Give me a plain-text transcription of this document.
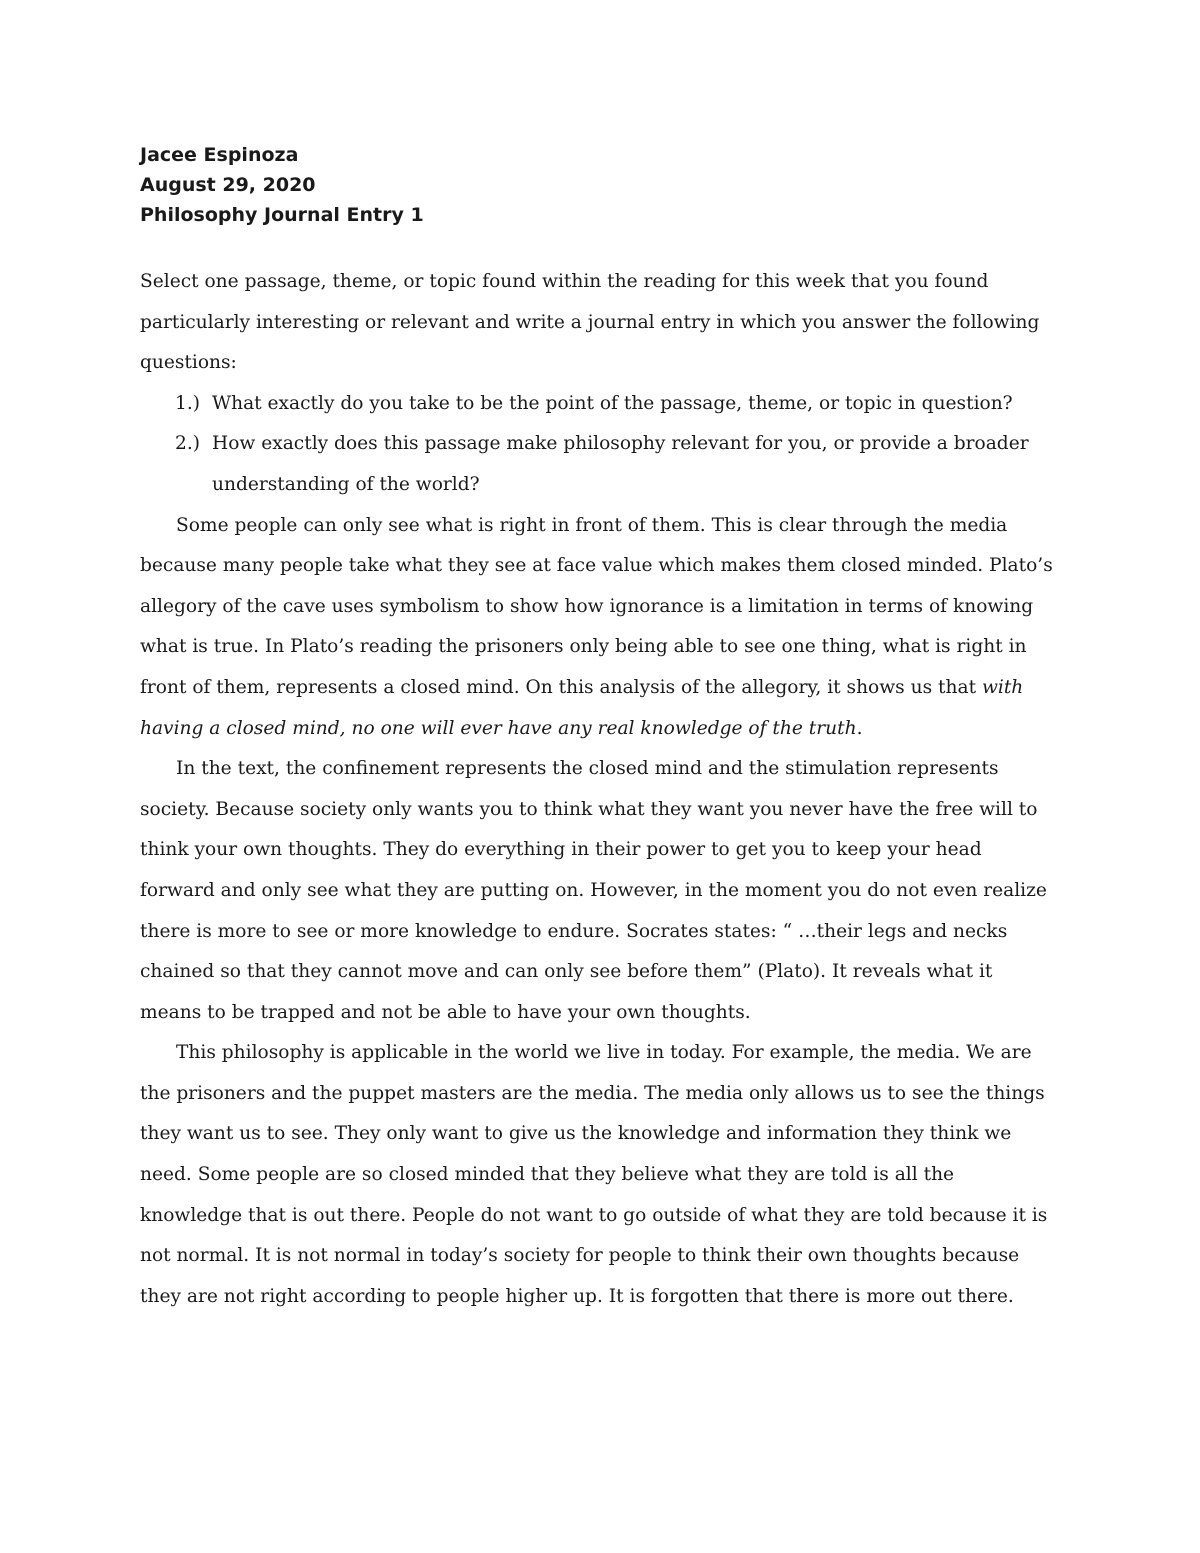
Jacee Espinoza
August 29, 2020
Philosophy Journal Entry 1

Select one passage, theme, or topic found within the reading for this week that you found particularly interesting or relevant and write a journal entry in which you answer the following questions:

1.) What exactly do you take to be the point of the passage, theme, or topic in question?
2.) How exactly does this passage make philosophy relevant for you, or provide a broader understanding of the world?

Some people can only see what is right in front of them. This is clear through the media because many people take what they see at face value which makes them closed minded. Plato’s allegory of the cave uses symbolism to show how ignorance is a limitation in terms of knowing what is true. In Plato’s reading the prisoners only being able to see one thing, what is right in front of them, represents a closed mind. On this analysis of the allegory, it shows us that with having a closed mind, no one will ever have any real knowledge of the truth.

In the text, the confinement represents the closed mind and the stimulation represents society. Because society only wants you to think what they want you never have the free will to think your own thoughts. They do everything in their power to get you to keep your head forward and only see what they are putting on. However, in the moment you do not even realize there is more to see or more knowledge to endure. Socrates states: “ …their legs and necks chained so that they cannot move and can only see before them” (Plato). It reveals what it means to be trapped and not be able to have your own thoughts.

This philosophy is applicable in the world we live in today. For example, the media. We are the prisoners and the puppet masters are the media. The media only allows us to see the things they want us to see. They only want to give us the knowledge and information they think we need. Some people are so closed minded that they believe what they are told is all the knowledge that is out there. People do not want to go outside of what they are told because it is not normal. It is not normal in today’s society for people to think their own thoughts because they are not right according to people higher up. It is forgotten that there is more out there.
